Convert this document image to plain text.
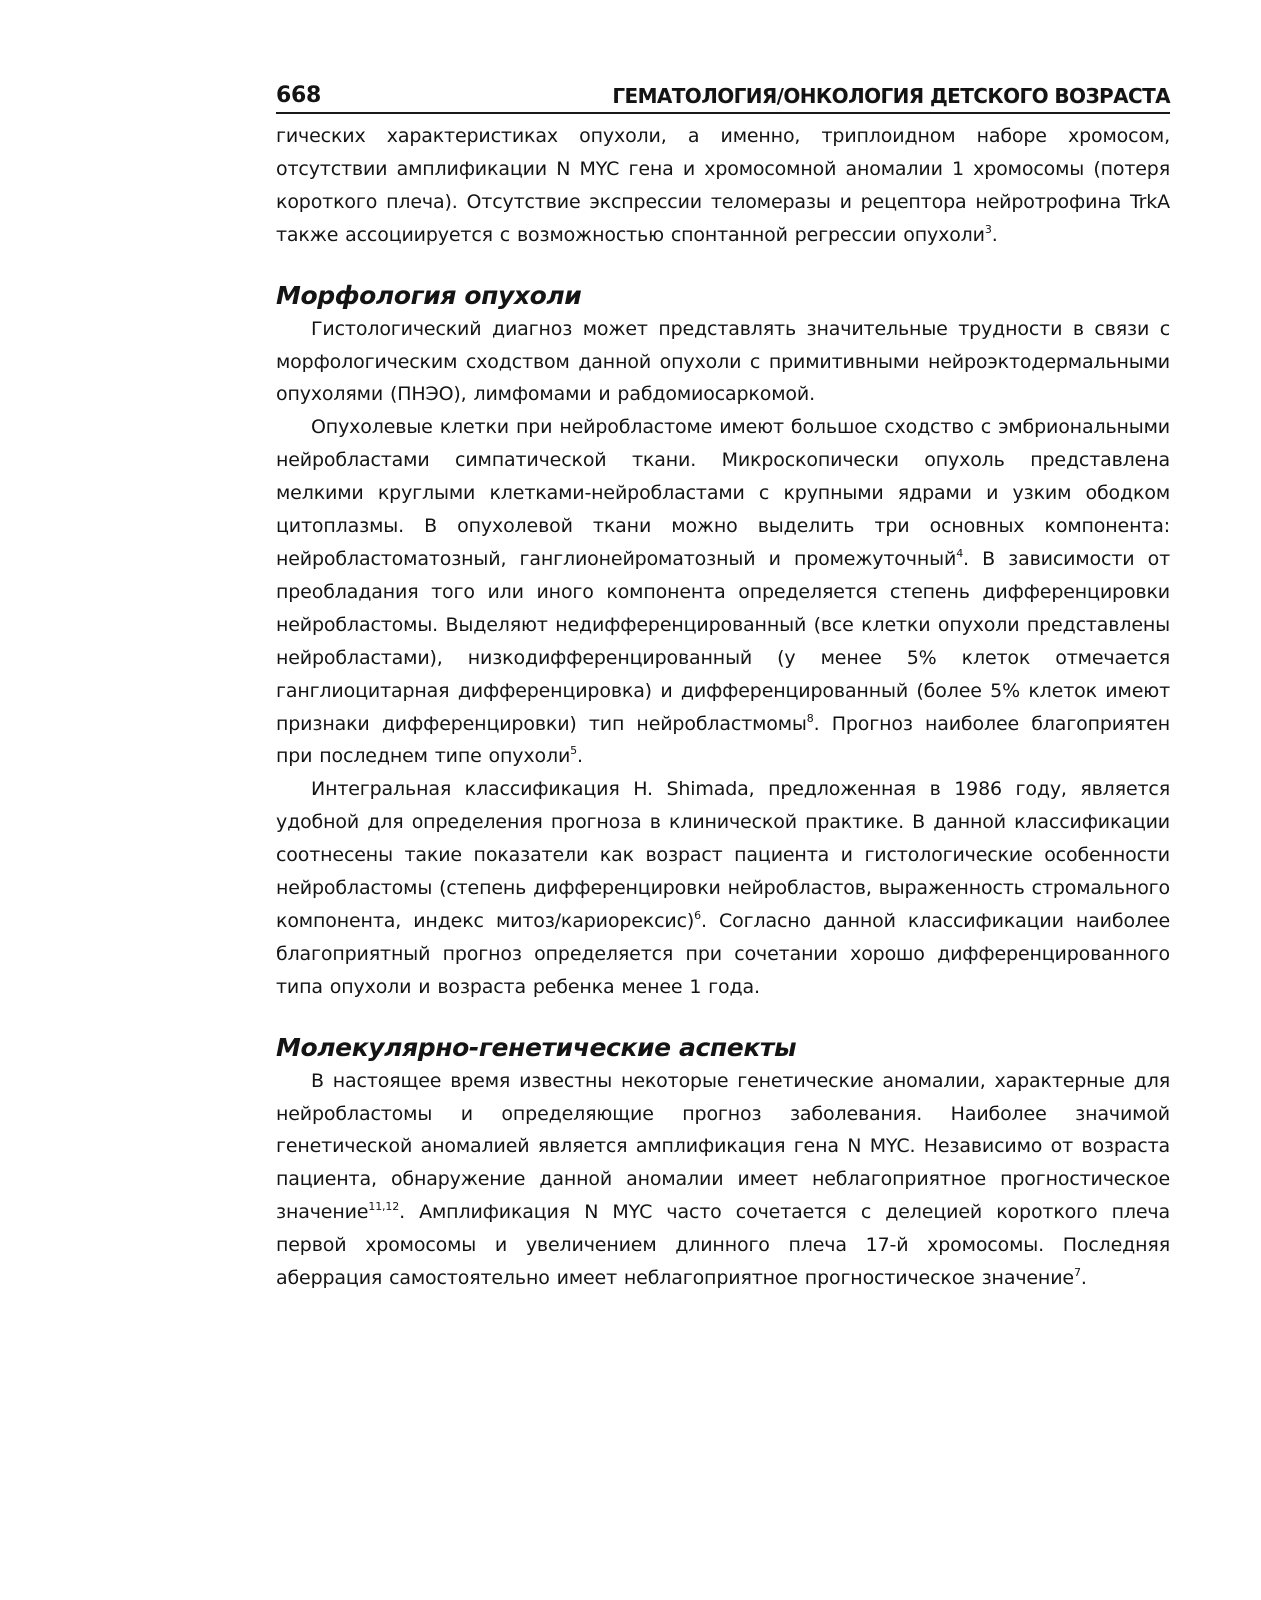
668	ГЕМАТОЛОГИЯ/ОНКОЛОГИЯ ДЕТСКОГО ВОЗРАСТА

гических характеристиках опухоли, а именно, триплоидном наборе хромосом, отсутствии амплификации N MYC гена и хромосомной аномалии 1 хромосомы (потеря короткого плеча). Отсутствие экспрессии теломеразы и рецептора нейротрофина TrkA также ассоциируется с возможностью спонтанной регрессии опухоли$^3$.

Морфология опухоли

Гистологический диагноз может представлять значительные трудности в связи с морфологическим сходством данной опухоли с примитивными нейроэктодермальными опухолями (ПНЭО), лимфомами и рабдомиосаркомой.

Опухолевые клетки при нейробластоме имеют большое сходство с эмбриональными нейробластами симпатической ткани. Микроскопически опухоль представлена мелкими круглыми клетками-нейробластами с крупными ядрами и узким ободком цитоплазмы. В опухолевой ткани можно выделить три основных компонента: нейробластоматозный, ганглионейроматозный и промежуточный$^4$. В зависимости от преобладания того или иного компонента определяется степень дифференцировки нейробластомы. Выделяют недифференцированный (все клетки опухоли представлены нейробластами), низкодифференцированный (у менее 5% клеток отмечается ганглиоцитарная дифференцировка) и дифференцированный (более 5% клеток имеют признаки дифференцировки) тип нейробластмомы$^8$. Прогноз наиболее благоприятен при последнем типе опухоли$^5$.

Интегральная классификация H. Shimada, предложенная в 1986 году, является удобной для определения прогноза в клинической практике. В данной классификации соотнесены такие показатели как возраст пациента и гистологические особенности нейробластомы (степень дифференцировки нейробластов, выраженность стромального компонента, индекс митоз/кариорексис)$^6$. Согласно данной классификации наиболее благоприятный прогноз определяется при сочетании хорошо дифференцированного типа опухоли и возраста ребенка менее 1 года.

Молекулярно-генетические аспекты

В настоящее время известны некоторые генетические аномалии, характерные для нейробластомы и определяющие прогноз заболевания. Наиболее значимой генетической аномалией является амплификация гена N MYC. Независимо от возраста пациента, обнаружение данной аномалии имеет неблагоприятное прогностическое значение$^{11,12}$. Амплификация N MYC часто сочетается с делецией короткого плеча первой хромосомы и увеличением длинного плеча 17-й хромосомы. Последняя аберрация самостоятельно имеет неблагоприятное прогностическое значение$^7$.
